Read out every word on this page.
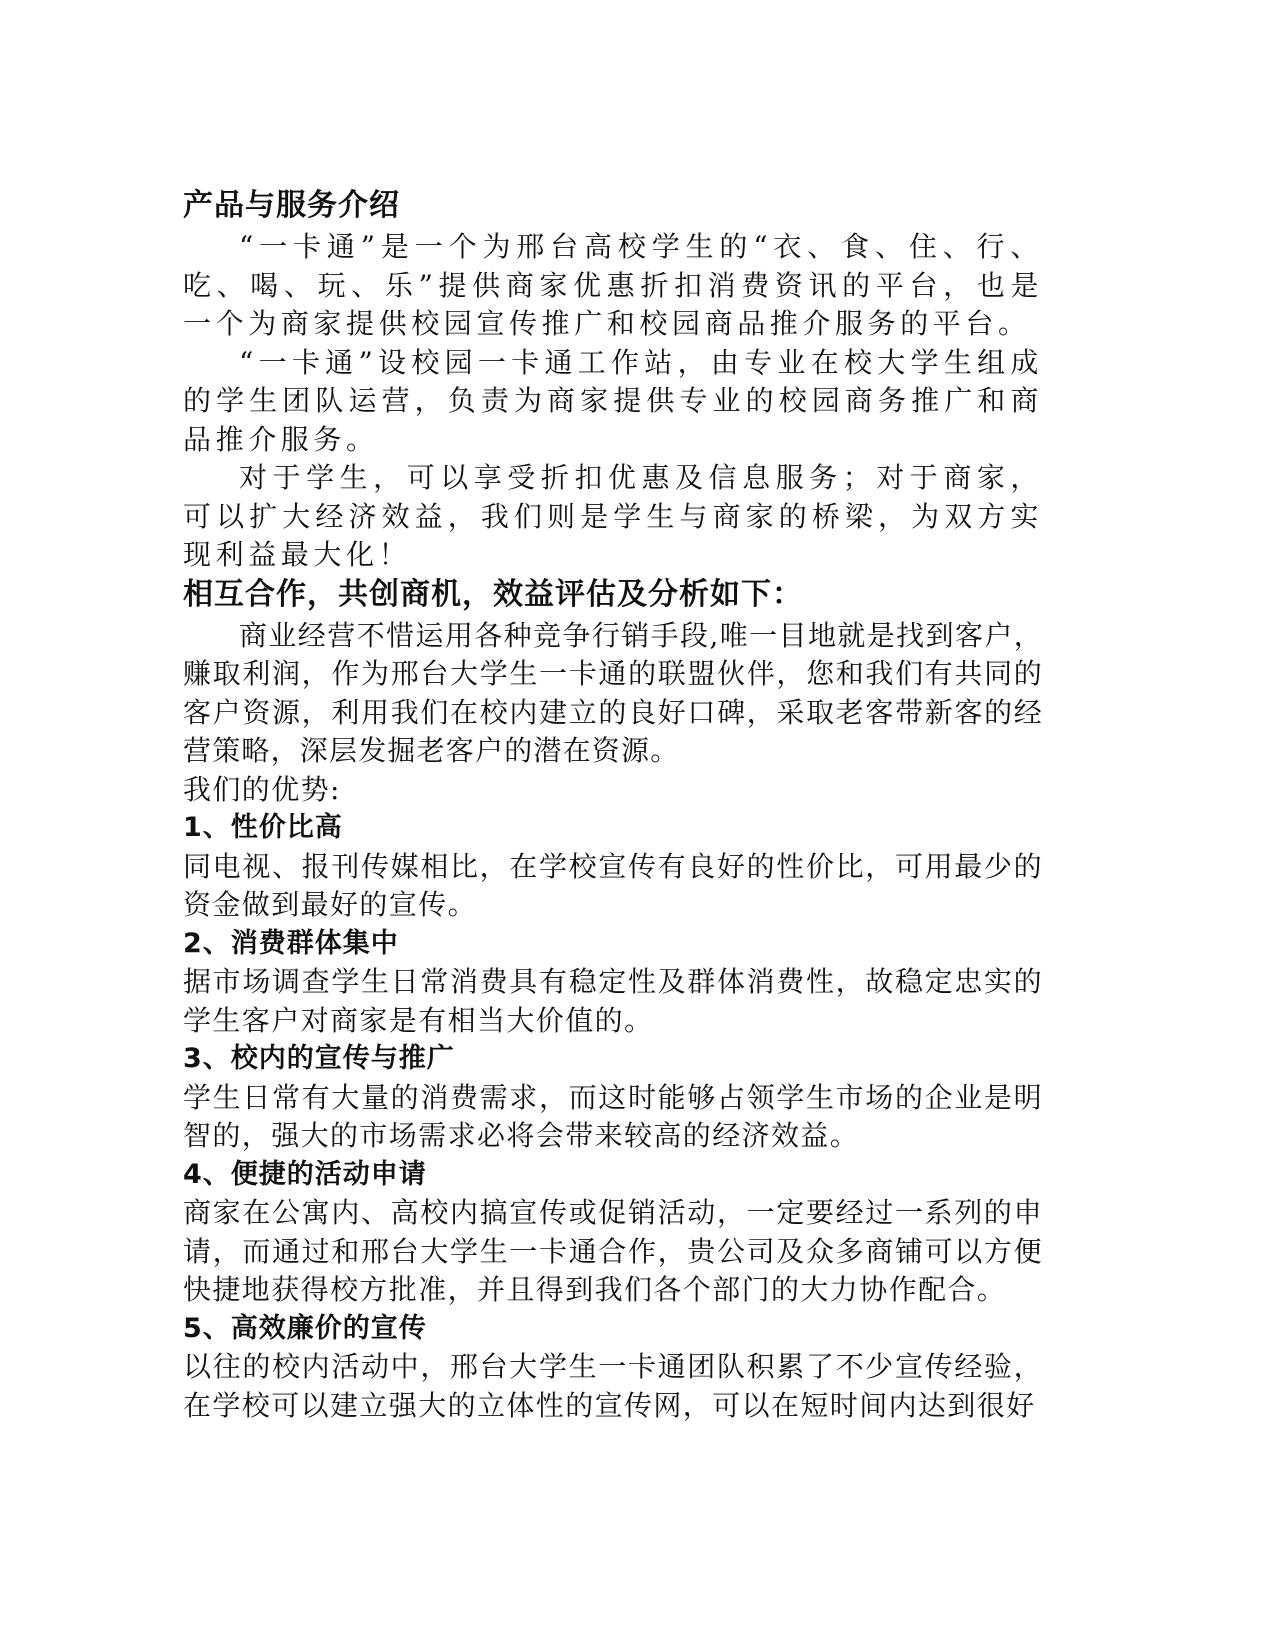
产品与服务介绍

“一卡通”是一个为邢台高校学生的“衣、食、住、行、吃、喝、玩、乐”提供商家优惠折扣消费资讯的平台，也是一个为商家提供校园宣传推广和校园商品推介服务的平台。

“一卡通”设校园一卡通工作站，由专业在校大学生组成的学生团队运营，负责为商家提供专业的校园商务推广和商品推介服务。

对于学生，可以享受折扣优惠及信息服务；对于商家，可以扩大经济效益，我们则是学生与商家的桥梁，为双方实现利益最大化！

相互合作，共创商机，效益评估及分析如下：

商业经营不惜运用各种竞争行销手段,唯一目地就是找到客户，赚取利润，作为邢台大学生一卡通的联盟伙伴，您和我们有共同的客户资源，利用我们在校内建立的良好口碑，采取老客带新客的经营策略，深层发掘老客户的潜在资源。

我们的优势:

1、性价比高

同电视、报刊传媒相比，在学校宣传有良好的性价比，可用最少的资金做到最好的宣传。

2、消费群体集中

据市场调查学生日常消费具有稳定性及群体消费性，故稳定忠实的学生客户对商家是有相当大价值的。

3、校内的宣传与推广

学生日常有大量的消费需求，而这时能够占领学生市场的企业是明智的，强大的市场需求必将会带来较高的经济效益。

4、便捷的活动申请

商家在公寓内、高校内搞宣传或促销活动，一定要经过一系列的申请，而通过和邢台大学生一卡通合作，贵公司及众多商铺可以方便快捷地获得校方批准，并且得到我们各个部门的大力协作配合。

5、高效廉价的宣传

以往的校内活动中，邢台大学生一卡通团队积累了不少宣传经验，在学校可以建立强大的立体性的宣传网，可以在短时间内达到很好
